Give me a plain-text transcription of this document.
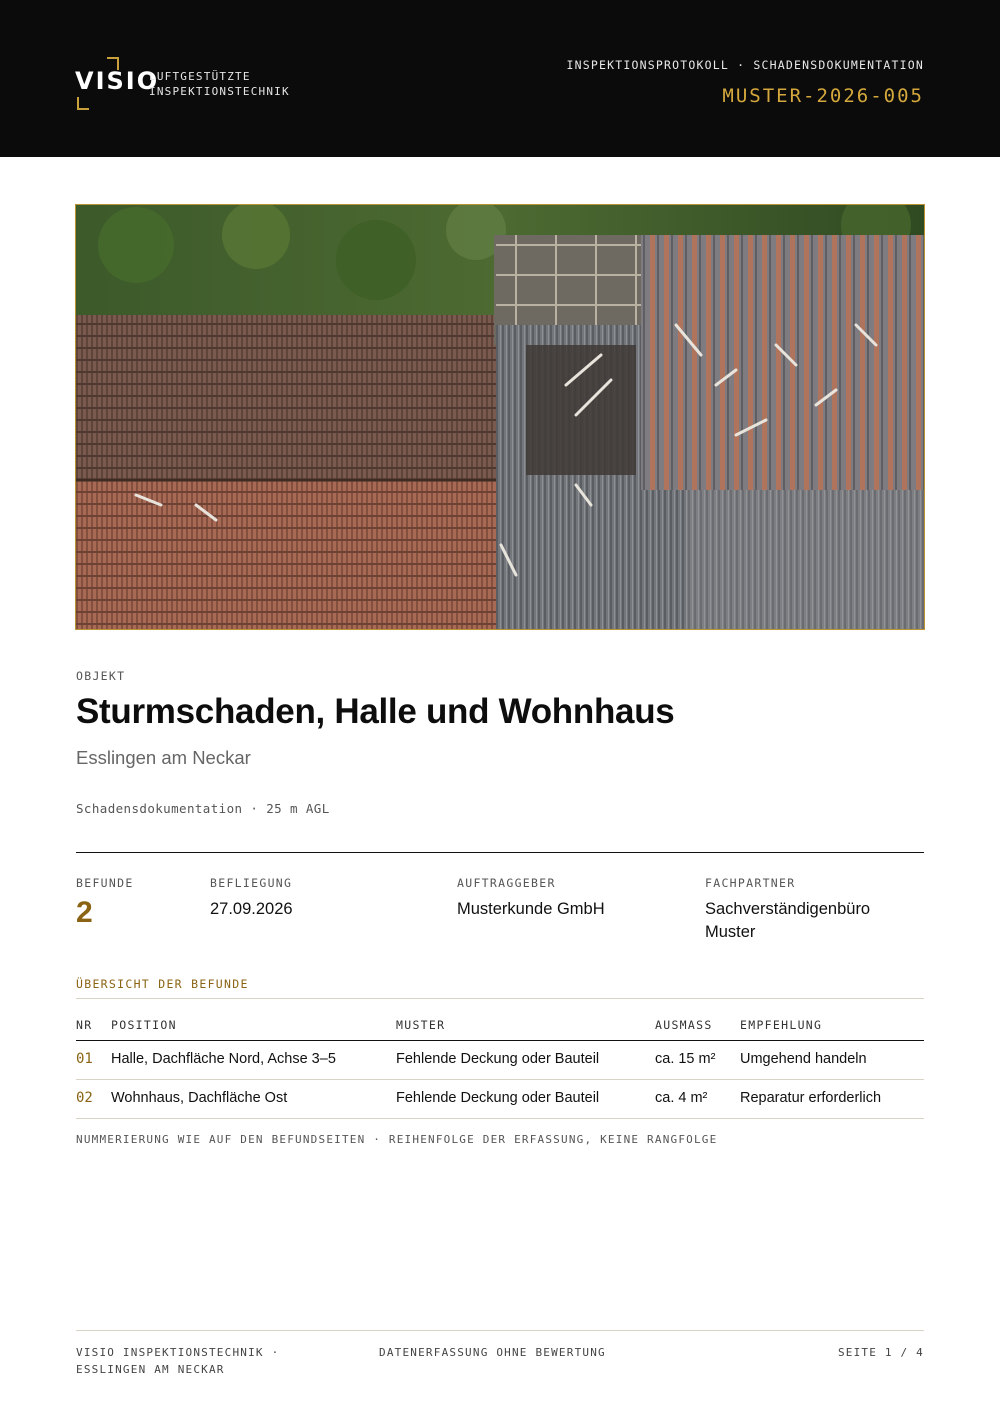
VISIO
LUFTGESTÜTZTE
INSPEKTIONSTECHNIK
INSPEKTIONSPROTOKOLL · SCHADENSDOKUMENTATION
MUSTER-2026-005
OBJEKT
Sturmschaden, Halle und Wohnhaus
Esslingen am Neckar
Schadensdokumentation · 25 m AGL
BEFUNDE
2
BEFLIEGUNG
27.09.2026
AUFTRAGGEBER
Musterkunde GmbH
FACHPARTNER
Sachverständigenbüro Muster
ÜBERSICHT DER BEFUNDE
NR POSITION	MUSTER	AUSMASS EMPFEHLUNG
01 Halle, Dachfläche Nord, Achse 3–5	Fehlende Deckung oder Bauteil	ca. 15 m² Umgehend handeln
02 Wohnhaus, Dachfläche Ost	Fehlende Deckung oder Bauteil	ca. 4 m² Reparatur erforderlich
NUMMERIERUNG WIE AUF DEN BEFUNDSEITEN · REIHENFOLGE DER ERFASSUNG, KEINE RANGFOLGE
VISIO INSPEKTIONSTECHNIK ·
ESSLINGEN AM NECKAR
DATENERFASSUNG OHNE BEWERTUNG	SEITE 1 / 4
